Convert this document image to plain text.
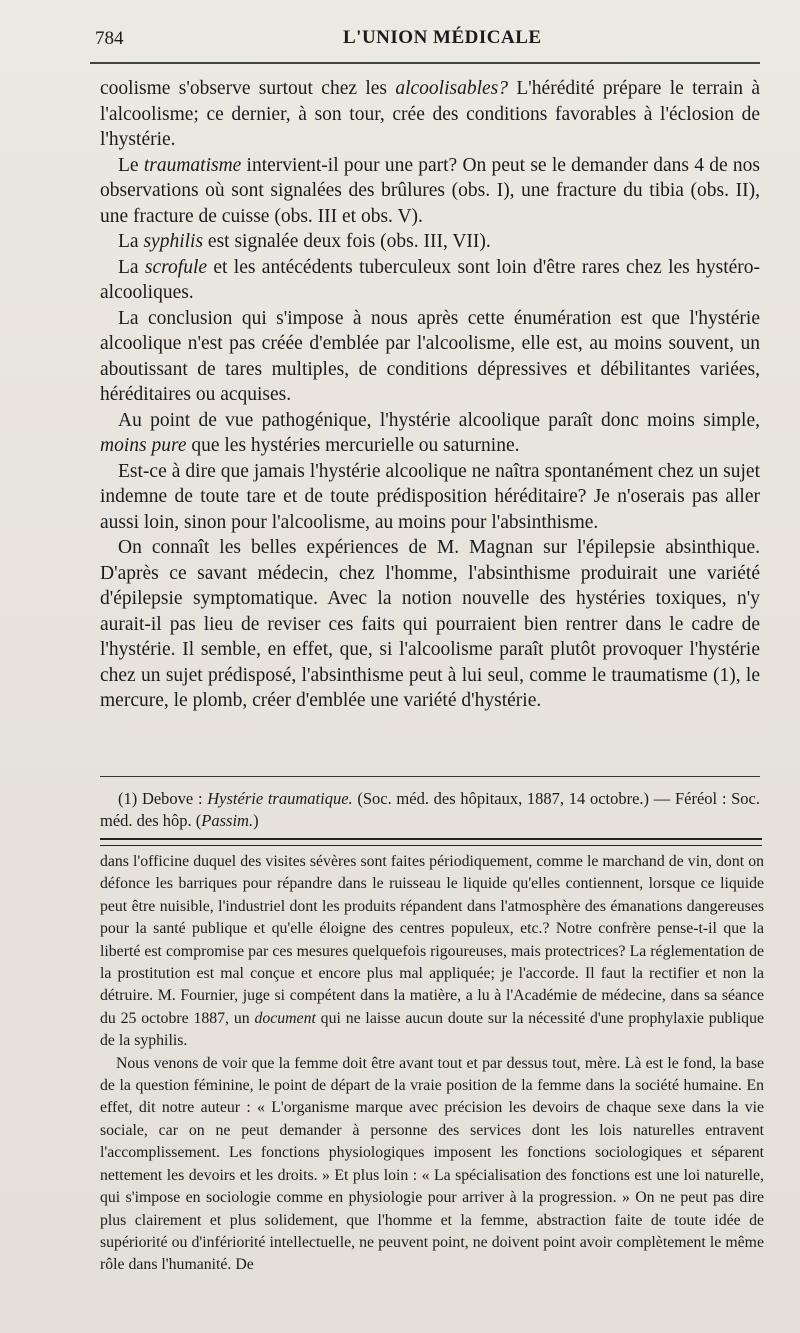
784	L'UNION MÉDICALE

coolisme s'observe surtout chez les alcoolisables? L'hérédité prépare le terrain à l'alcoolisme; ce dernier, à son tour, crée des conditions favorables à l'éclosion de l'hystérie.

Le traumatisme intervient-il pour une part? On peut se le demander dans 4 de nos observations où sont signalées des brûlures (obs. I), une fracture du tibia (obs. II), une fracture de cuisse (obs. III et obs. V).

La syphilis est signalée deux fois (obs. III, VII).

La scrofule et les antécédents tuberculeux sont loin d'être rares chez les hystéro-alcooliques.

La conclusion qui s'impose à nous après cette énumération est que l'hystérie alcoolique n'est pas créée d'emblée par l'alcoolisme, elle est, au moins souvent, un aboutissant de tares multiples, de conditions dépressives et débilitantes variées, héréditaires ou acquises.

Au point de vue pathogénique, l'hystérie alcoolique paraît donc moins simple, moins pure que les hystéries mercurielle ou saturnine.

Est-ce à dire que jamais l'hystérie alcoolique ne naîtra spontanément chez un sujet indemne de toute tare et de toute prédisposition héréditaire? Je n'oserais pas aller aussi loin, sinon pour l'alcoolisme, au moins pour l'absinthisme.

On connaît les belles expériences de M. Magnan sur l'épilepsie absinthique. D'après ce savant médecin, chez l'homme, l'absinthisme produirait une variété d'épilepsie symptomatique. Avec la notion nouvelle des hystéries toxiques, n'y aurait-il pas lieu de reviser ces faits qui pourraient bien rentrer dans le cadre de l'hystérie. Il semble, en effet, que, si l'alcoolisme paraît plutôt provoquer l'hystérie chez un sujet prédisposé, l'absinthisme peut à lui seul, comme le traumatisme (1), le mercure, le plomb, créer d'emblée une variété d'hystérie.

(1) Debove : Hystérie traumatique. (Soc. méd. des hôpitaux, 1887, 14 octobre.) — Féréol : Soc. méd. des hôp. (Passim.)

dans l'officine duquel des visites sévères sont faites périodiquement, comme le marchand de vin, dont on défonce les barriques pour répandre dans le ruisseau le liquide qu'elles contiennent, lorsque ce liquide peut être nuisible, l'industriel dont les produits répandent dans l'atmosphère des émanations dangereuses pour la santé publique et qu'elle éloigne des centres populeux, etc.? Notre confrère pense-t-il que la liberté est compromise par ces mesures quelquefois rigoureuses, mais protectrices? La réglementation de la prostitution est mal conçue et encore plus mal appliquée; je l'accorde. Il faut la rectifier et non la détruire. M. Fournier, juge si compétent dans la matière, a lu à l'Académie de médecine, dans sa séance du 25 octobre 1887, un document qui ne laisse aucun doute sur la nécessité d'une prophylaxie publique de la syphilis.

Nous venons de voir que la femme doit être avant tout et par dessus tout, mère. Là est le fond, la base de la question féminine, le point de départ de la vraie position de la femme dans la société humaine. En effet, dit notre auteur : « L'organisme marque avec précision les devoirs de chaque sexe dans la vie sociale, car on ne peut demander à personne des services dont les lois naturelles entravent l'accomplissement. Les fonctions physiologiques imposent les fonctions sociologiques et séparent nettement les devoirs et les droits. » Et plus loin : « La spécialisation des fonctions est une loi naturelle, qui s'impose en sociologie comme en physiologie pour arriver à la progression. » On ne peut pas dire plus clairement et plus solidement, que l'homme et la femme, abstraction faite de toute idée de supériorité ou d'infériorité intellectuelle, ne peuvent point, ne doivent point avoir complètement le même rôle dans l'humanité. De
